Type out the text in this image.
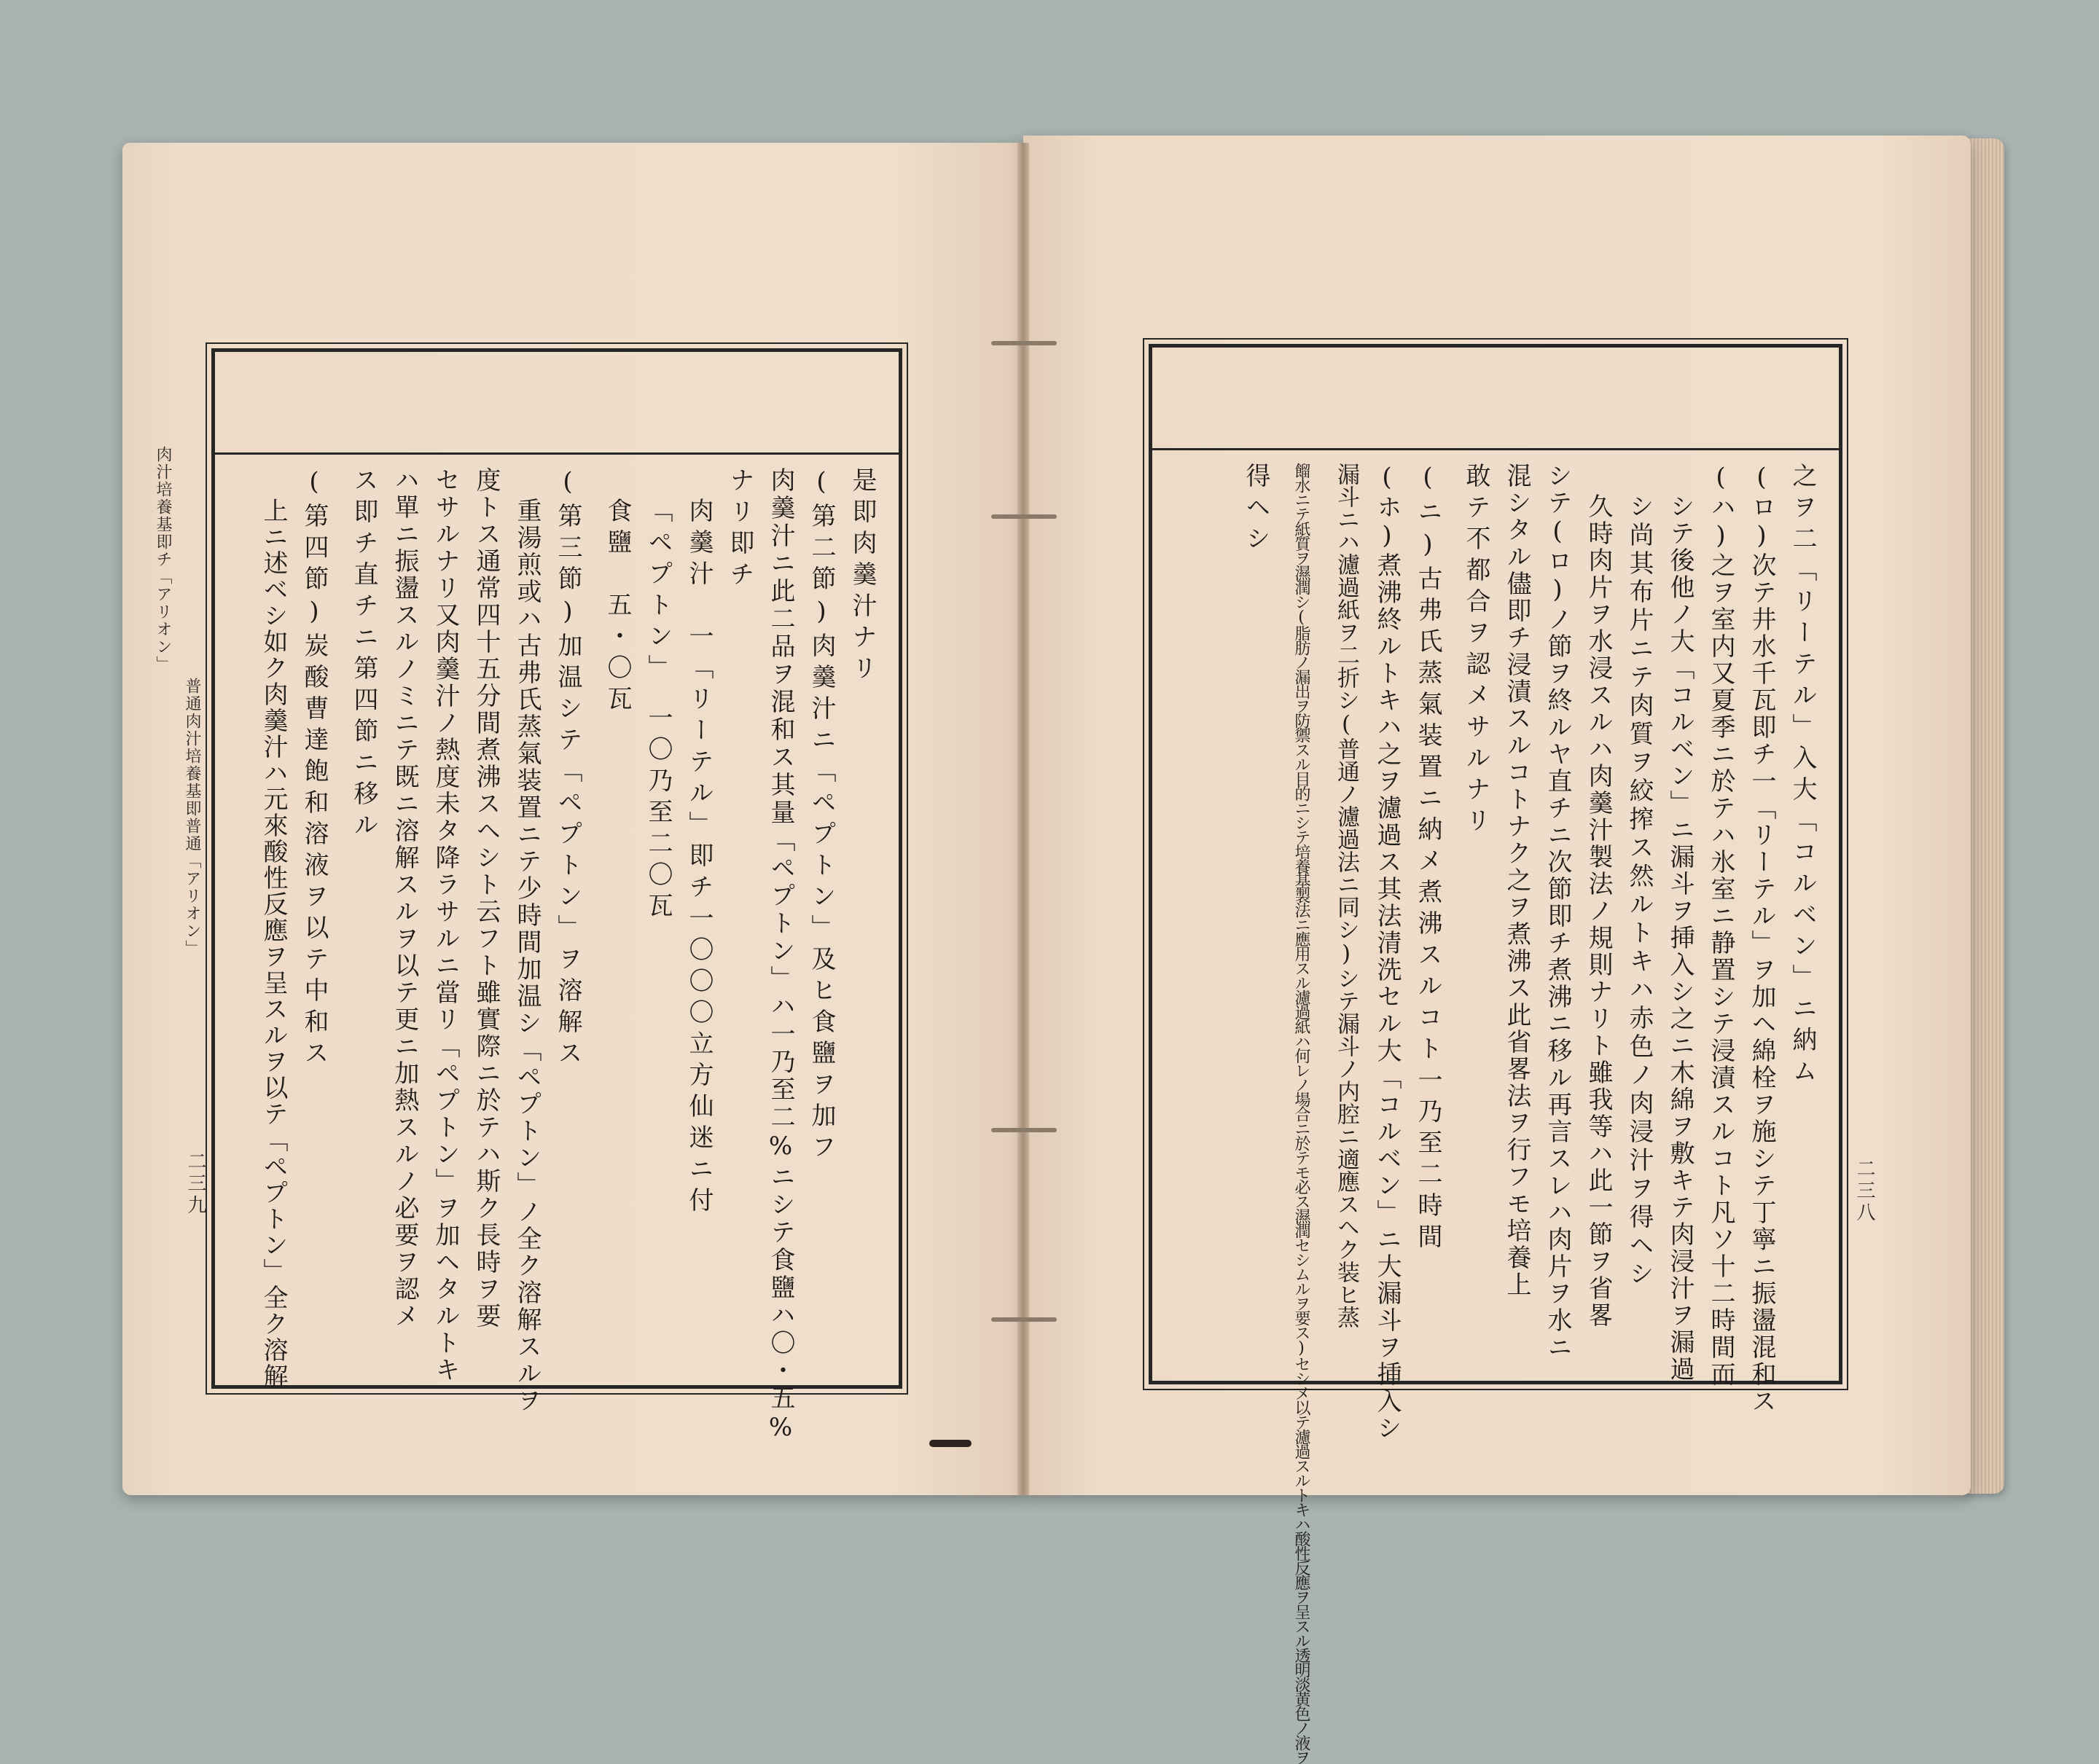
肉汁培養基即チ「アリオン」
普通肉汁培養基即普通「アリオン」
二三九
是即肉羹汁ナリ
(第二節)肉羹汁ニ「ペプトン」及ヒ食鹽ヲ加フ
肉羹汁ニ此二品ヲ混和ス其量「ペプトン」ハ一乃至二%ニシテ食鹽ハ〇・五%
ナリ即チ
肉羹汁　一「リーテル」即チ一〇〇〇立方仙迷ニ付
「ペプトン」　一〇乃至二〇瓦
食鹽　五・〇瓦
(第三節)加温シテ「ペプトン」ヲ溶解ス
重湯煎或ハ古弗氏蒸氣装置ニテ少時間加温シ「ペプトン」ノ全ク溶解スルヲ
度トス通常四十五分間煮沸スヘシト云フト雖實際ニ於テハ斯ク長時ヲ要
セサルナリ又肉羹汁ノ熱度未タ降ラサルニ當リ「ペプトン」ヲ加ヘタルトキ
ハ單ニ振盪スルノミニテ既ニ溶解スルヲ以テ更ニ加熱スルノ必要ヲ認メ
ス即チ直チニ第四節ニ移ル
(第四節)炭酸曹達飽和溶液ヲ以テ中和ス
上ニ述ベシ如ク肉羹汁ハ元來酸性反應ヲ呈スルヲ以テ「ペプトン」全ク溶解	二三八
之ヲ二「リーテル」入大「コルベン」ニ納ム
(ロ)次テ井水千瓦即チ一「リーテル」ヲ加ヘ綿栓ヲ施シテ丁寧ニ振盪混和ス
(ハ)之ヲ室内又夏季ニ於テハ氷室ニ静置シテ浸漬スルコト凡ソ十二時間而
シテ後他ノ大「コルベン」ニ漏斗ヲ挿入シ之ニ木綿ヲ敷キテ肉浸汁ヲ漏過
シ尚其布片ニテ肉質ヲ絞搾ス然ルトキハ赤色ノ肉浸汁ヲ得ヘシ
久時肉片ヲ水浸スルハ肉羹汁製法ノ規則ナリト雖我等ハ此一節ヲ省畧
シテ(ロ)ノ節ヲ終ルヤ直チニ次節即チ煮沸ニ移ル再言スレハ肉片ヲ水ニ
混シタル儘即チ浸漬スルコトナク之ヲ煮沸ス此省畧法ヲ行フモ培養上
敢テ不都合ヲ認メサルナリ
(ニ)古弗氏蒸氣装置ニ納メ煮沸スルコト一乃至二時間
(ホ)煮沸終ルトキハ之ヲ濾過ス其法清洗セル大「コルベン」ニ大漏斗ヲ挿入シ
漏斗ニハ濾過紙ヲ二折シ(普通ノ濾過法ニ同シ)シテ漏斗ノ内腔ニ適應スヘク装ヒ蒸
餾水ニテ紙質ヲ濕潤シ(脂肪ノ漏出ヲ防禦スル目的ニシテ培養基製法ニ應用スル濾過紙ハ何レノ場合ニ於テモ必ス濕潤セシムルヲ要ス)セシメ以テ濾過スルトキハ酸性反應ヲ呈スル透明淡黄色ノ液ヲ
得ヘシ
